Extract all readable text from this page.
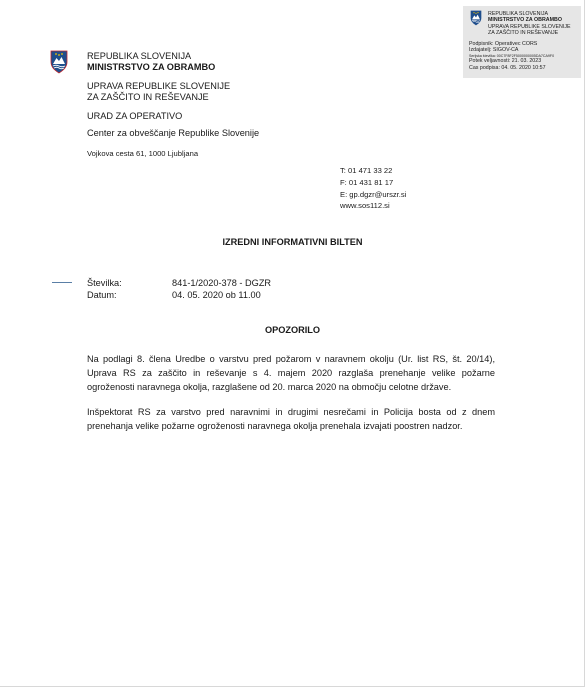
REPUBLIKA SLOVENIJA
MINISTRSTVO ZA OBRAMBO
UPRAVA REPUBLIKE SLOVENIJE
ZA ZAŠČITO IN REŠEVANJE
Podpisnik: Operativec CORS
Izdajatelj: SIGOV-CA
Serijska številka: 00C7F8F2F5000000005DA7CA9F0
Potek veljavnosti: 21. 03. 2023
Čas podpisa: 04. 05. 2020 10:57
REPUBLIKA SLOVENIJA
MINISTRSTVO ZA OBRAMBO
UPRAVA REPUBLIKE SLOVENIJE
ZA ZAŠČITO IN REŠEVANJE
URAD ZA OPERATIVO
Center za obveščanje Republike Slovenije
Vojkova cesta 61, 1000 Ljubljana
T: 01 471 33 22
F: 01 431 81 17
E: gp.dgzr@urszr.si
www.sos112.si
IZREDNI INFORMATIVNI BILTEN
Številka:	841-1/2020-378 - DGZR
Datum:	04. 05. 2020 ob 11.00
OPOZORILO
Na podlagi 8. člena Uredbe o varstvu pred požarom v naravnem okolju (Ur. list RS, št. 20/14),
Uprava RS za zaščito in reševanje s 4. majem 2020 razglaša prenehanje velike požarne
ogroženosti naravnega okolja, razglašene od 20. marca 2020 na območju celotne države.
Inšpektorat RS za varstvo pred naravnimi in drugimi nesrečami in Policija bosta od z dnem
prenehanja velike požarne ogroženosti naravnega okolja prenehala izvajati poostren nadzor.
